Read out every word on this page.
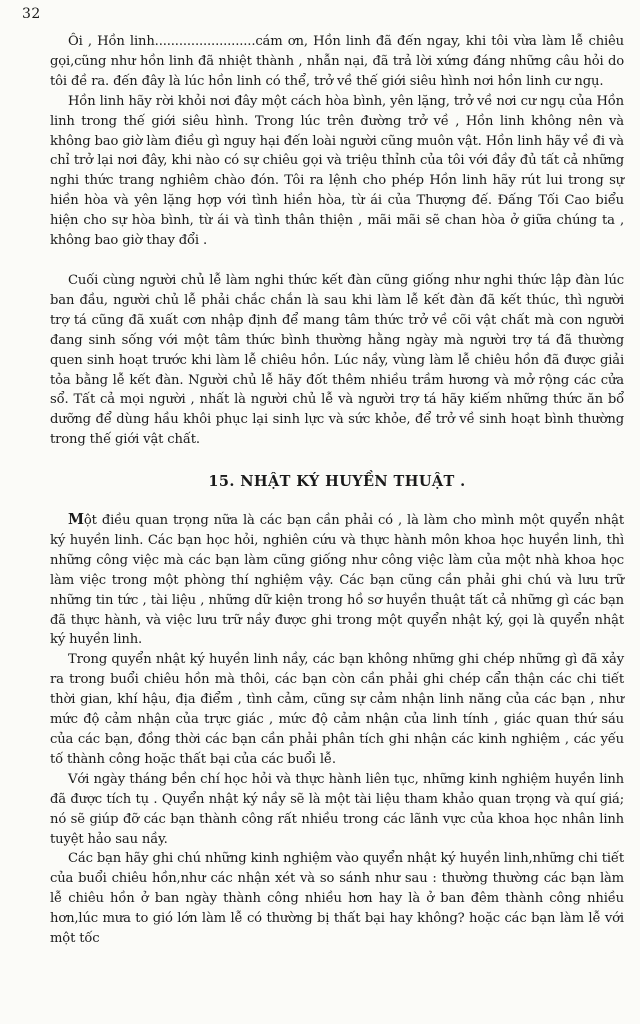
32

Ôi , Hồn linh.........................cám ơn, Hồn linh đã đến ngay, khi tôi vừa làm lễ chiêu gọi,cũng như hồn linh đã nhiệt thành , nhẫn nại, đã trả lời xứng đáng những câu hỏi do tôi đề ra. đến đây là lúc hồn linh có thể, trở về thế giới siêu hình nơi hồn linh cư ngụ.

Hồn linh hãy rời khỏi nơi đây một cách hòa bình, yên lặng, trở về nơi cư ngụ của Hồn linh trong thế giới siêu hình. Trong lúc trên đường trở về , Hồn linh không nên và không bao giờ làm điều gì nguy hại đến loài người cũng muôn vật. Hồn linh hãy về đi và chỉ trở lại nơi đây, khi nào có sự chiêu gọi và triệu thỉnh của tôi với đầy đủ tất cả những nghi thức trang nghiêm chào đón. Tôi ra lệnh cho phép Hồn linh hãy rút lui trong sự hiền hòa và yên lặng hợp với tình hiền hòa, từ ái của Thượng đế. Đấng Tối Cao biểu hiện cho sự hòa bình, từ ái và tình thân thiện , mãi mãi sẽ chan hòa ở giữa chúng ta , không bao giờ thay đổi .

Cuối cùng người chủ lễ làm nghi thức kết đàn cũng giống như nghi thức lập đàn lúc ban đầu, người chủ lễ phải chắc chắn là sau khi làm lễ kết đàn đã kết thúc, thì người trợ tá cũng đã xuất cơn nhập định để mang tâm thức trở về cõi vật chất mà con người đang sinh sống với một tâm thức bình thường hằng ngày mà người trợ tá đã thường quen sinh hoạt trước khi làm lễ chiêu hồn. Lúc nầy, vùng làm lễ chiêu hồn đã được giải tỏa bằng lễ kết đàn. Người chủ lễ hãy đốt thêm nhiều trầm hương và mở rộng các cửa sổ. Tất cả mọi người , nhất là người chủ lễ và người trợ tá hãy kiếm những thức ăn bổ dưỡng để dùng hầu khôi phục lại sinh lực và sức khỏe, để trở về sinh hoạt bình thường trong thế giới vật chất.

15. NHẬT KÝ HUYỀN THUẬT .

Một điều quan trọng nữa là các bạn cần phải có , là làm cho mình một quyển nhật ký huyền linh. Các bạn học hỏi, nghiên cứu và thực hành môn khoa học huyền linh, thì những công việc mà các bạn làm cũng giống như công việc làm của một nhà khoa học làm việc trong một phòng thí nghiệm vậy. Các bạn cũng cần phải ghi chú và lưu trữ những tin tức , tài liệu , những dữ kiện trong hồ sơ huyền thuật tất cả những gì các bạn đã thực hành, và việc lưu trữ nầy được ghi trong một quyển nhật ký, gọi là quyển nhật ký huyền linh.

Trong quyển nhật ký huyền linh nầy, các bạn không những ghi chép những gì đã xảy ra trong buổi chiêu hồn mà thôi, các bạn còn cần phải ghi chép cẩn thận các chi tiết thời gian, khí hậu, địa điểm , tình cảm, cũng sự cảm nhận linh năng của các bạn , như mức độ cảm nhận của trực giác , mức độ cảm nhận của linh tính , giác quan thứ sáu của các bạn, đồng thời các bạn cần phải phân tích ghi nhận các kinh nghiệm , các yếu tố thành công hoặc thất bại của các buổi lễ.

Với ngày tháng bền chí học hỏi và thực hành liên tục, những kinh nghiệm huyền linh đã được tích tụ . Quyển nhật ký nầy sẽ là một tài liệu tham khảo quan trọng và quí giá; nó sẽ giúp đỡ các bạn thành công rất nhiều trong các lãnh vực của khoa học nhân linh tuyệt hảo sau nầy.

Các bạn hãy ghi chú những kinh nghiệm vào quyển nhật ký huyền linh,những chi tiết của buổi chiêu hồn,như các nhận xét và so sánh như sau : thường thường các bạn làm lễ chiêu hồn ở ban ngày thành công nhiều hơn hay là ở ban đêm thành công nhiều hơn,lúc mưa to gió lớn làm lễ có thường bị thất bại hay không? hoặc các bạn làm lễ với một tốc
